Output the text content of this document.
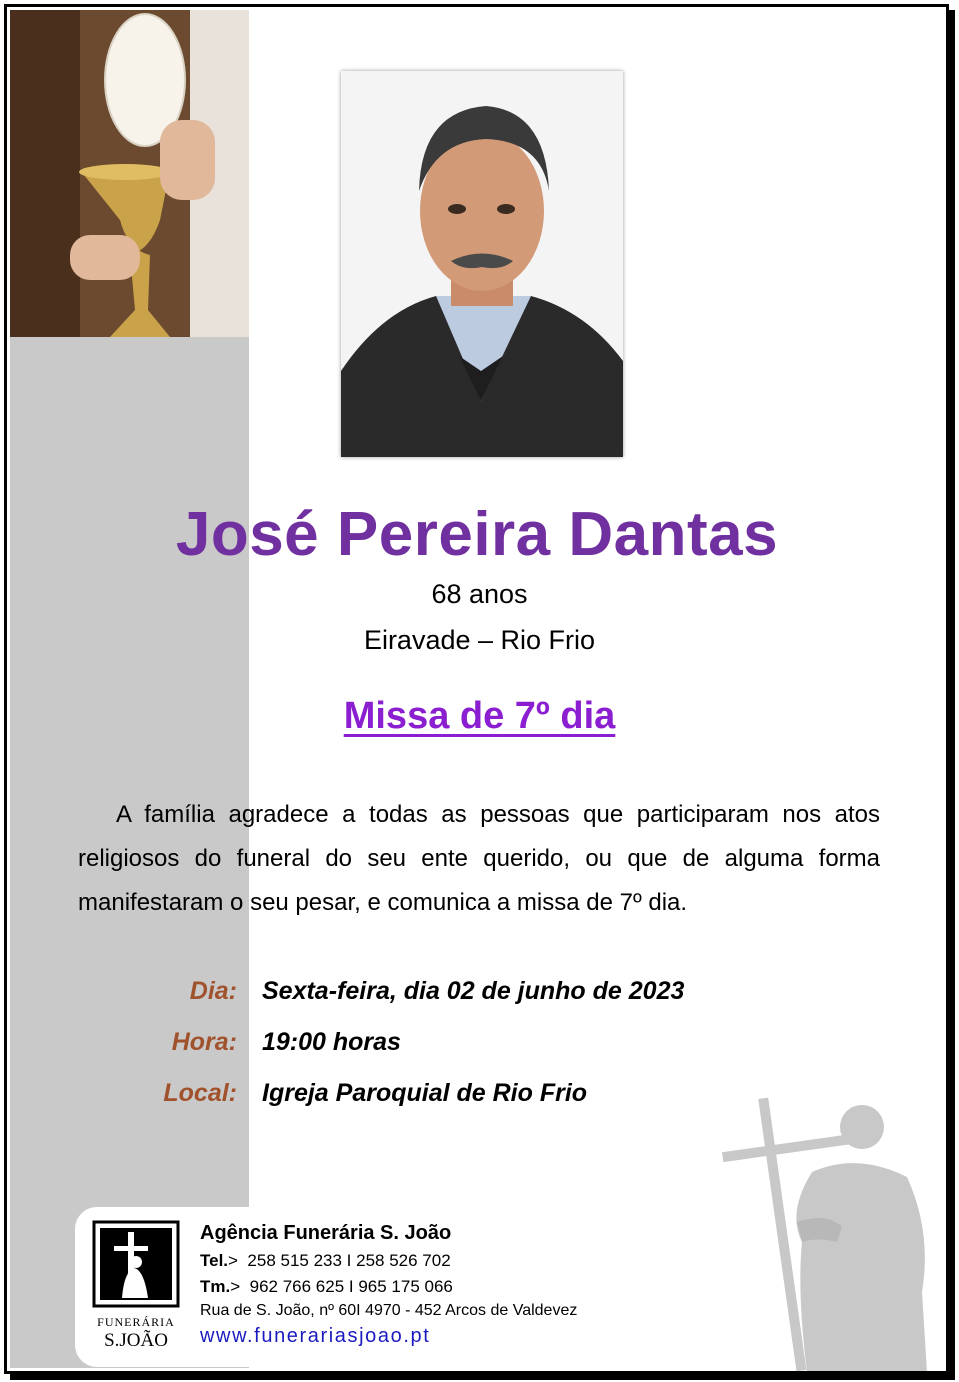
José Pereira Dantas
68 anos
Eiravade – Rio Frio
Missa de 7º dia
A família agradece a todas as pessoas que participaram nos atos religiosos do funeral do seu ente querido, ou que de alguma forma manifestaram o seu pesar, e comunica a missa de 7º dia.
Dia: Sexta-feira, dia 02 de junho de 2023
Hora: 19:00 horas
Local: Igreja Paroquial de Rio Frio
FUNERÁRIA
S.JOÃO
Agência Funerária S. João
Tel.>  258 515 233 I 258 526 702
Tm.>  962 766 625 I 965 175 066
Rua de S. João, nº 60I 4970 - 452 Arcos de Valdevez
www.funerariasjoao.pt
